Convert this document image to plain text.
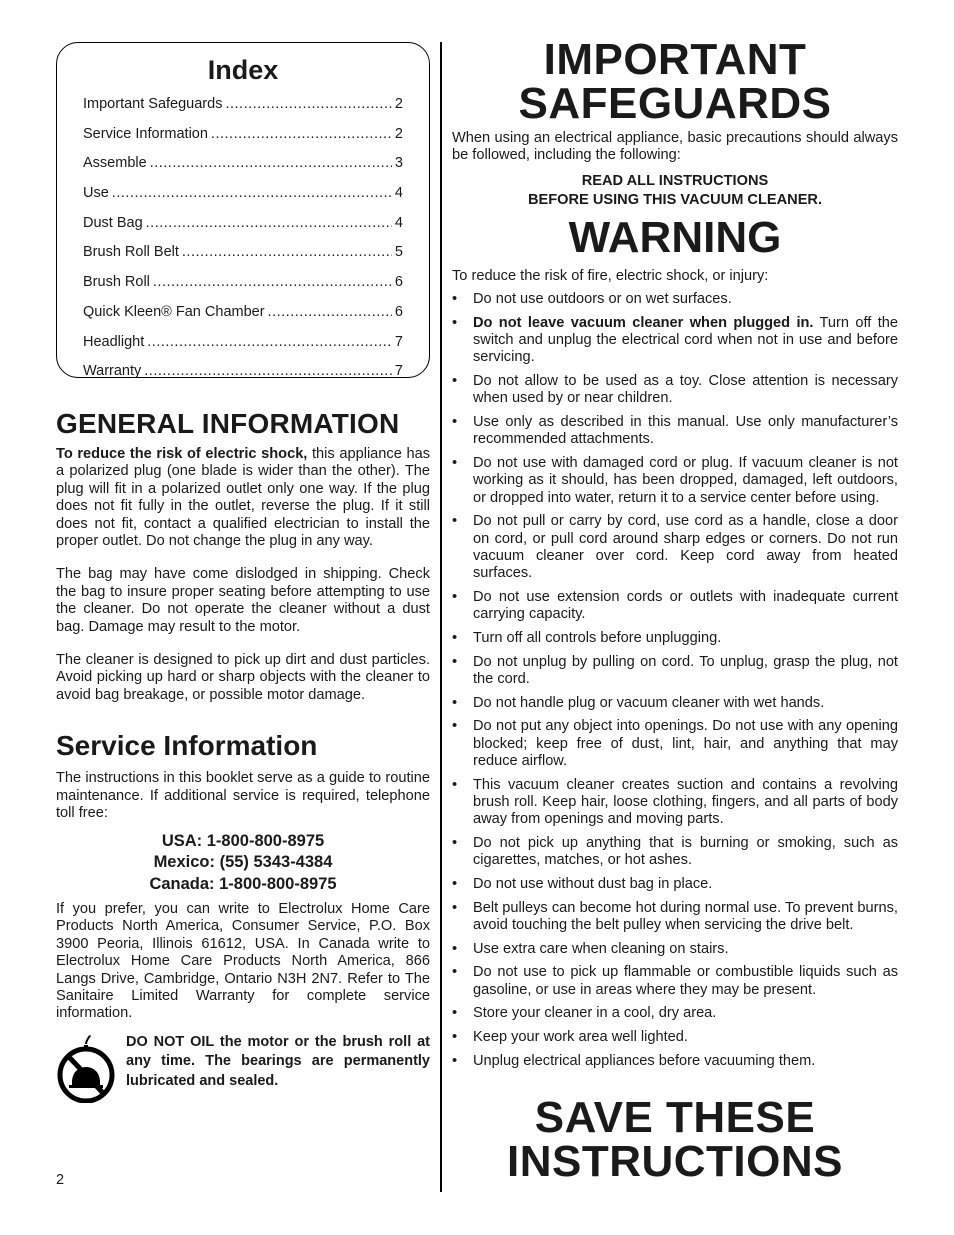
Index
Important Safeguards .....	2
Service Information .....	2
Assemble .....	3
Use .....	4
Dust Bag .....	4
Brush Roll Belt .....	5
Brush Roll .....	6
Quick Kleen® Fan Chamber .....	6
Headlight .....	7
Warranty .....	7
GENERAL INFORMATION

To reduce the risk of electric shock, this appliance has a polarized plug (one blade is wider than the other). The plug will fit in a polarized outlet only one way. If the plug does not fit fully in the outlet, reverse the plug. If it still does not fit, contact a qualified electrician to install the proper outlet. Do not change the plug in any way.

The bag may have come dislodged in shipping. Check the bag to insure proper seating before attempting to use the cleaner. Do not operate the cleaner without a dust bag. Damage may result to the motor.

The cleaner is designed to pick up dirt and dust particles. Avoid picking up hard or sharp objects with the cleaner to avoid bag breakage, or possible motor damage.

Service Information

The instructions in this booklet serve as a guide to routine maintenance. If additional service is required, telephone toll free:

USA: 1-800-800-8975
Mexico: (55) 5343-4384
Canada: 1-800-800-8975

If you prefer, you can write to Electrolux Home Care Products North America, Consumer Service, P.O. Box 3900 Peoria, Illinois 61612, USA. In Canada write to Electrolux Home Care Products North America, 866 Langs Drive, Cambridge, Ontario N3H 2N7. Refer to The Sanitaire Limited Warranty for complete service information.

DO NOT OIL the motor or the brush roll at any time. The bearings are permanently lubricated and sealed.
2
IMPORTANT
SAFEGUARDS

When using an electrical appliance, basic precautions should always be followed, including the following:

READ ALL INSTRUCTIONS
BEFORE USING THIS VACUUM CLEANER.
WARNING

To reduce the risk of fire, electric shock, or injury:

• Do not use outdoors or on wet surfaces.
• Do not leave vacuum cleaner when plugged in. Turn off the switch and unplug the electrical cord when not in use and before servicing.
• Do not allow to be used as a toy. Close attention is necessary when used by or near children.
• Use only as described in this manual. Use only manufacturer’s recommended attachments.
• Do not use with damaged cord or plug. If vacuum cleaner is not working as it should, has been dropped, damaged, left outdoors, or dropped into water, return it to a service center before using.
• Do not pull or carry by cord, use cord as a handle, close a door on cord, or pull cord around sharp edges or corners. Do not run vacuum cleaner over cord. Keep cord away from heated surfaces.
• Do not use extension cords or outlets with inadequate current carrying capacity.
• Turn off all controls before unplugging.
• Do not unplug by pulling on cord. To unplug, grasp the plug, not the cord.
• Do not handle plug or vacuum cleaner with wet hands.
• Do not put any object into openings. Do not use with any opening blocked; keep free of dust, lint, hair, and anything that may reduce airflow.
• This vacuum cleaner creates suction and contains a revolving brush roll. Keep hair, loose clothing, fingers, and all parts of body away from openings and moving parts.
• Do not pick up anything that is burning or smoking, such as cigarettes, matches, or hot ashes.
• Do not use without dust bag in place.
• Belt pulleys can become hot during normal use. To prevent burns, avoid touching the belt pulley when servicing the drive belt.
• Use extra care when cleaning on stairs.
• Do not use to pick up flammable or combustible liquids such as gasoline, or use in areas where they may be present.
• Store your cleaner in a cool, dry area.
• Keep your work area well lighted.
• Unplug electrical appliances before vacuuming them.
SAVE THESE
INSTRUCTIONS
